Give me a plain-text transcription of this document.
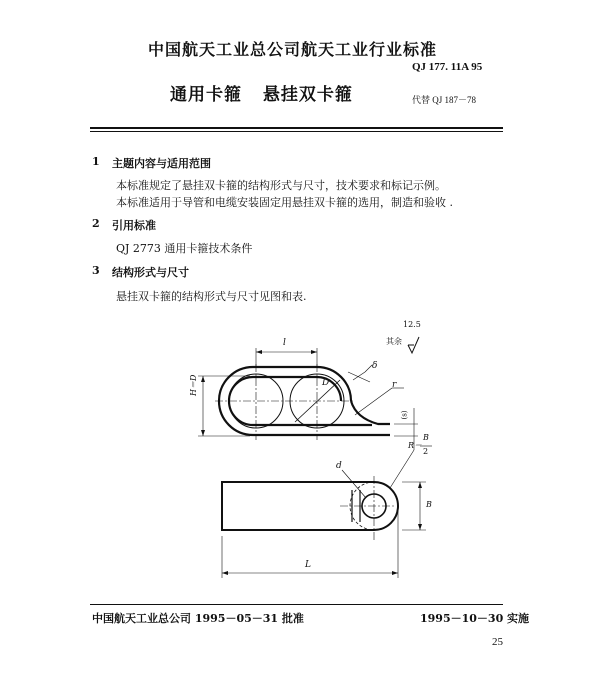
中国航天工业总公司航天工业行业标准
QJ 177. 11A 95
通用卡箍 悬挂双卡箍	代替 QJ 187－78
1 主题内容与适用范围
本标准规定了悬挂双卡箍的结构形式与尺寸，技术要求和标记示例。
本标准适用于导管和电缆安装固定用悬挂双卡箍的选用，制造和验收 .
2 引用标准
QJ 2773 通用卡箍技术条件
3 结构形式与尺寸
悬挂双卡箍的结构形式与尺寸见图和表.
12.5
其余
l
D
δ
r
H＝D
(s)
R＝
B
2
d
B
L
中国航天工业总公司 1995－05－31 批准	1995－10－30 实施
25
